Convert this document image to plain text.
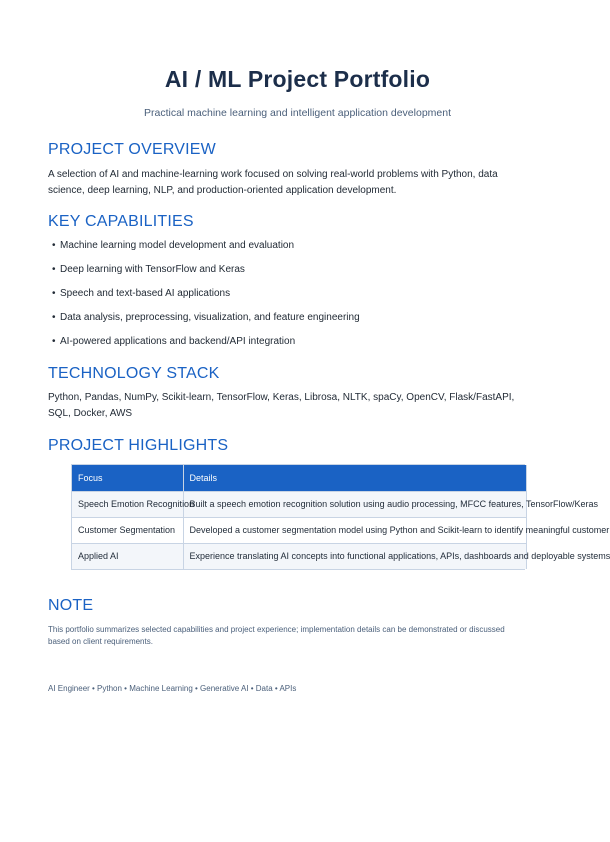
AI / ML Project Portfolio
Practical machine learning and intelligent application development
PROJECT OVERVIEW
A selection of AI and machine-learning work focused on solving real-world problems with Python, data
science, deep learning, NLP, and production-oriented application development.
KEY CAPABILITIES
• Machine learning model development and evaluation
• Deep learning with TensorFlow and Keras
• Speech and text-based AI applications
• Data analysis, preprocessing, visualization, and feature engineering
• AI-powered applications and backend/API integration
TECHNOLOGY STACK
Python, Pandas, NumPy, Scikit-learn, TensorFlow, Keras, Librosa, NLTK, spaCy, OpenCV, Flask/FastAPI,
SQL, Docker, AWS
PROJECT HIGHLIGHTS
Focus	Details
Speech Emotion Recognition	Built a speech emotion recognition solution using audio processing, MFCC features, TensorFlow/Keras
Customer Segmentation	Developed a customer segmentation model using Python and Scikit-learn to identify meaningful customer
Applied AI	Experience translating AI concepts into functional applications, APIs, dashboards and deployable systems
NOTE
This portfolio summarizes selected capabilities and project experience; implementation details can be demonstrated or discussed
based on client requirements.
AI Engineer • Python • Machine Learning • Generative AI • Data • APIs
